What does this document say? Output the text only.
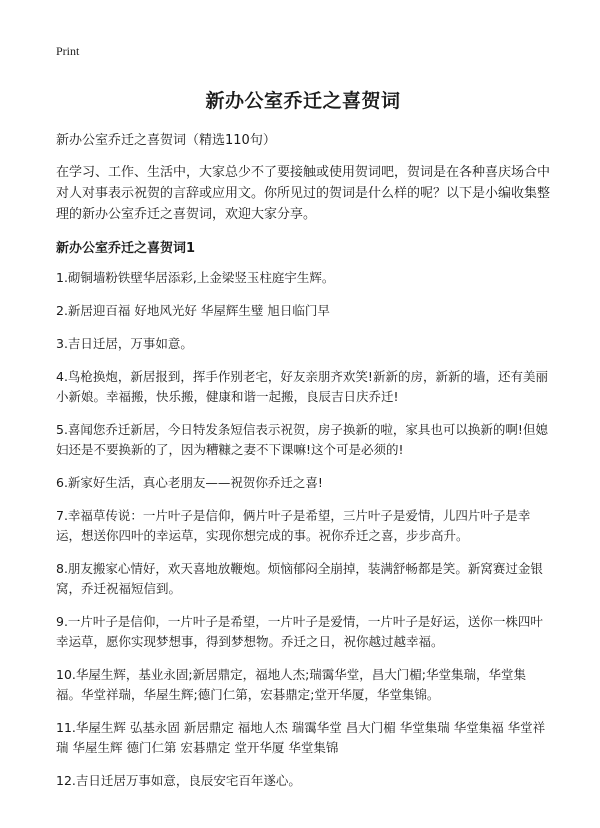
Print
新办公室乔迁之喜贺词
新办公室乔迁之喜贺词（精选110句）

在学习、工作、生活中，大家总少不了要接触或使用贺词吧，贺词是在各种喜庆场合中对人对事表示祝贺的言辞或应用文。你所见过的贺词是什么样的呢？以下是小编收集整理的新办公室乔迁之喜贺词，欢迎大家分享。

新办公室乔迁之喜贺词1

1.砌铜墙粉铁壁华居添彩,上金梁竖玉柱庭宇生辉。

2.新居迎百福 好地风光好 华屋辉生璧 旭日临门早

3.吉日迁居，万事如意。

4.鸟枪换炮，新居报到，挥手作别老宅，好友亲朋齐欢笑!新新的房，新新的墙，还有美丽小新娘。幸福搬，快乐搬，健康和谐一起搬，良辰吉日庆乔迁!

5.喜闻您乔迁新居，今日特发条短信表示祝贺，房子换新的啦，家具也可以换新的啊!但媳妇还是不要换新的了，因为糟糠之妻不下课嘛!这个可是必须的!

6.新家好生活，真心老朋友——祝贺你乔迁之喜!

7.幸福草传说：一片叶子是信仰，俩片叶子是希望，三片叶子是爱情，儿四片叶子是幸运，想送你四叶的幸运草，实现你想完成的事。祝你乔迁之喜，步步高升。

8.朋友搬家心情好，欢天喜地放鞭炮。烦恼郁闷全崩掉，装满舒畅都是笑。新窝赛过金银窝，乔迁祝福短信到。

9.一片叶子是信仰，一片叶子是希望，一片叶子是爱情，一片叶子是好运，送你一株四叶幸运草，愿你实现梦想事，得到梦想物。乔迁之日，祝你越过越幸福。

10.华屋生辉，基业永固;新居鼎定，福地人杰;瑞霭华堂，昌大门楣;华堂集瑞，华堂集福。华堂祥瑞，华屋生辉;德门仁第，宏碁鼎定;堂开华厦，华堂集锦。

11.华屋生辉 弘基永固 新居鼎定 福地人杰 瑞霭华堂 昌大门楣 华堂集瑞 华堂集福 华堂祥瑞 华屋生辉 德门仁第 宏碁鼎定 堂开华厦 华堂集锦

12.吉日迁居万事如意，良辰安宅百年遂心。
